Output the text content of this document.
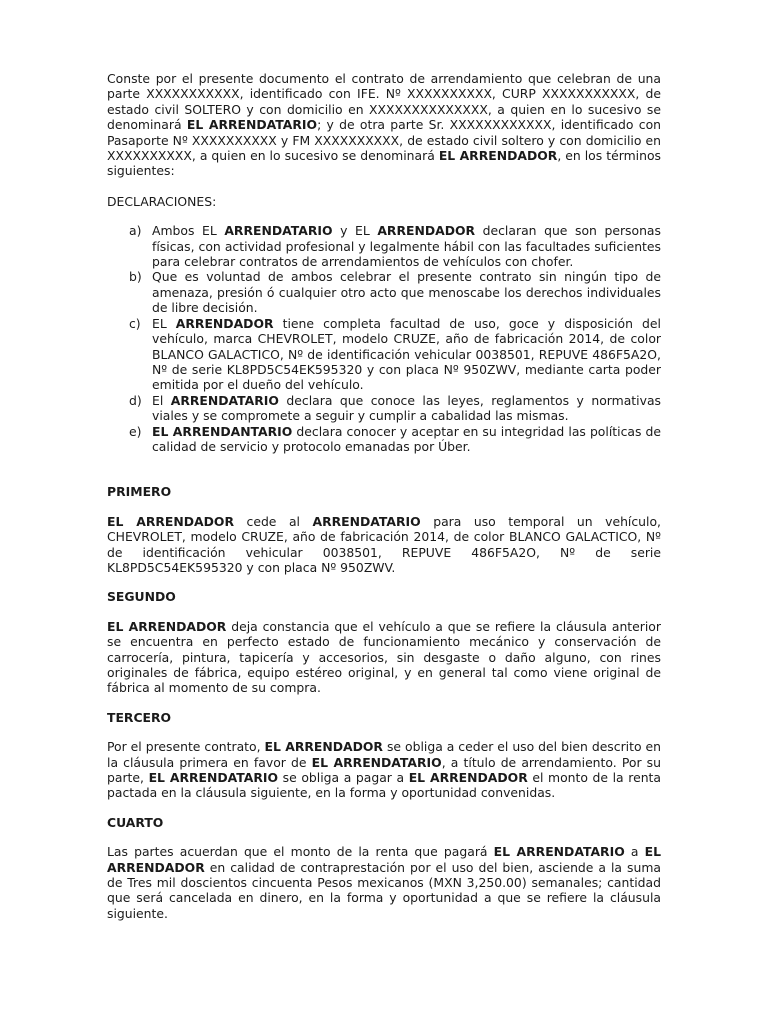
Conste por el presente documento el contrato de arrendamiento que celebran de una parte XXXXXXXXXXX, identificado con IFE. Nº XXXXXXXXXX, CURP XXXXXXXXXXX, de estado civil SOLTERO y con domicilio en XXXXXXXXXXXXXX, a quien en lo sucesivo se denominará EL ARRENDATARIO; y de otra parte Sr. XXXXXXXXXXXX, identificado con Pasaporte Nº XXXXXXXXXX y FM XXXXXXXXXX, de estado civil soltero y con domicilio en XXXXXXXXXX, a quien en lo sucesivo se denominará EL ARRENDADOR, en los términos siguientes:

DECLARACIONES:

a) Ambos EL ARRENDATARIO y EL ARRENDADOR declaran que son personas físicas, con actividad profesional y legalmente hábil con las facultades suficientes para celebrar contratos de arrendamientos de vehículos con chofer.
b) Que es voluntad de ambos celebrar el presente contrato sin ningún tipo de amenaza, presión ó cualquier otro acto que menoscabe los derechos individuales de libre decisión.
c) EL ARRENDADOR tiene completa facultad de uso, goce y disposición del vehículo, marca CHEVROLET, modelo CRUZE, año de fabricación 2014, de color BLANCO GALACTICO, Nº de identificación vehicular 0038501, REPUVE 486F5A2O, Nº de serie KL8PD5C54EK595320 y con placa Nº 950ZWV, mediante carta poder emitida por el dueño del vehículo.
d) El ARRENDATARIO declara que conoce las leyes, reglamentos y normativas viales y se compromete a seguir y cumplir a cabalidad las mismas.
e) EL ARRENDANTARIO declara conocer y aceptar en su integridad las políticas de calidad de servicio y protocolo emanadas por Úber.

PRIMERO

EL ARRENDADOR cede al ARRENDATARIO para uso temporal un vehículo, CHEVROLET, modelo CRUZE, año de fabricación 2014, de color BLANCO GALACTICO, Nº de identificación vehicular 0038501, REPUVE 486F5A2O, Nº de serie KL8PD5C54EK595320 y con placa Nº 950ZWV.

SEGUNDO

EL ARRENDADOR deja constancia que el vehículo a que se refiere la cláusula anterior se encuentra en perfecto estado de funcionamiento mecánico y conservación de carrocería, pintura, tapicería y accesorios, sin desgaste o daño alguno, con rines originales de fábrica, equipo estéreo original, y en general tal como viene original de fábrica al momento de su compra.

TERCERO

Por el presente contrato, EL ARRENDADOR se obliga a ceder el uso del bien descrito en la cláusula primera en favor de EL ARRENDATARIO, a título de arrendamiento. Por su parte, EL ARRENDATARIO se obliga a pagar a EL ARRENDADOR el monto de la renta pactada en la cláusula siguiente, en la forma y oportunidad convenidas.

CUARTO

Las partes acuerdan que el monto de la renta que pagará EL ARRENDATARIO a EL ARRENDADOR en calidad de contraprestación por el uso del bien, asciende a la suma de Tres mil doscientos cincuenta Pesos mexicanos (MXN 3,250.00) semanales; cantidad que será cancelada en dinero, en la forma y oportunidad a que se refiere la cláusula siguiente.
